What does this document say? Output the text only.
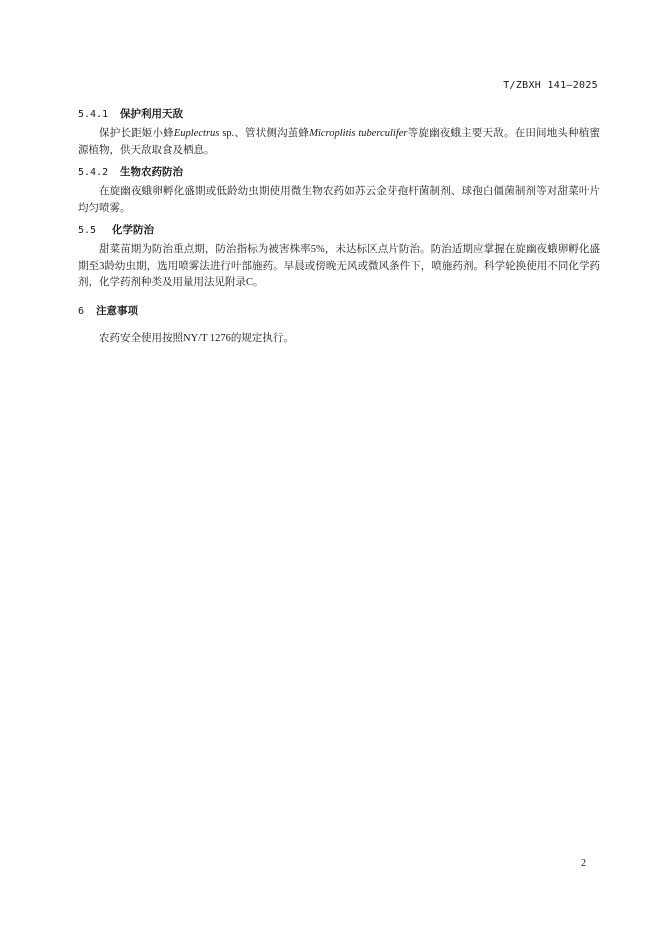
T/ZBXH 141—2025
5.4.1 保护利用天敌

保护长距姬小蜂Euplectrus sp.、管状侧沟茧蜂Microplitis tuberculifer等旋幽夜蛾主要天敌。在田间地头种植蜜源植物，供天敌取食及栖息。

5.4.2 生物农药防治

在旋幽夜蛾卵孵化盛期或低龄幼虫期使用微生物农药如苏云金芽孢杆菌制剂、球孢白僵菌制剂等对甜菜叶片均匀喷雾。

5.5 化学防治

甜菜苗期为防治重点期，防治指标为被害株率5%，未达标区点片防治。防治适期应掌握在旋幽夜蛾卵孵化盛期至3龄幼虫期，选用喷雾法进行叶部施药。早晨或傍晚无风或微风条件下，喷施药剂。科学轮换使用不同化学药剂，化学药剂种类及用量用法见附录C。

6 注意事项

农药安全使用按照NY/T 1276的规定执行。

2
